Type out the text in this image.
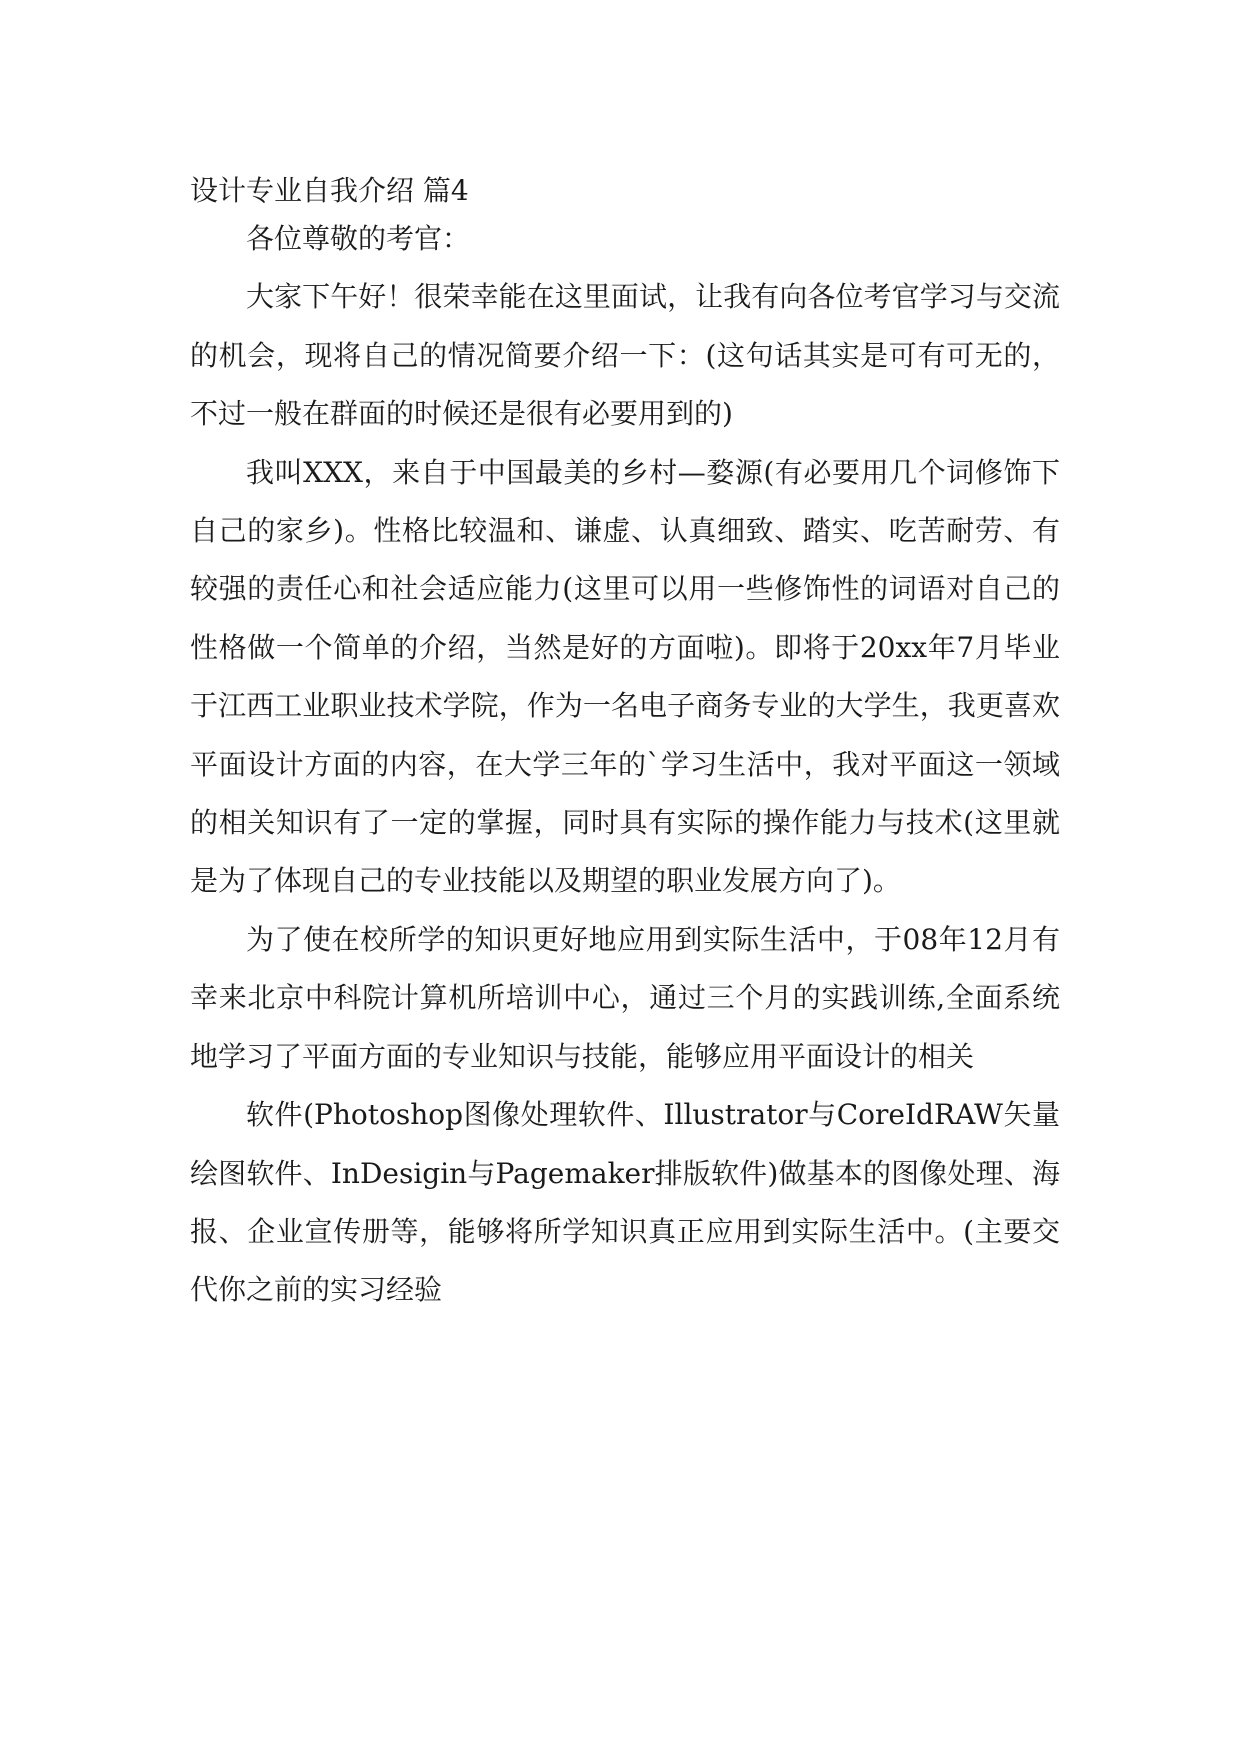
设计专业自我介绍 篇4

各位尊敬的考官：

大家下午好！很荣幸能在这里面试，让我有向各位考官学习与交流的机会，现将自己的情况简要介绍一下：(这句话其实是可有可无的，不过一般在群面的时候还是很有必要用到的)

我叫XXX，来自于中国最美的乡村—婺源(有必要用几个词修饰下自己的家乡)。性格比较温和、谦虚、认真细致、踏实、吃苦耐劳、有较强的责任心和社会适应能力(这里可以用一些修饰性的词语对自己的性格做一个简单的介绍，当然是好的方面啦)。即将于20xx年7月毕业于江西工业职业技术学院，作为一名电子商务专业的大学生，我更喜欢平面设计方面的内容，在大学三年的`学习生活中，我对平面这一领域的相关知识有了一定的掌握，同时具有实际的操作能力与技术(这里就是为了体现自己的专业技能以及期望的职业发展方向了)。

为了使在校所学的知识更好地应用到实际生活中，于08年12月有幸来北京中科院计算机所培训中心，通过三个月的实践训练,全面系统地学习了平面方面的专业知识与技能，能够应用平面设计的相关

软件(Photoshop图像处理软件、Illustrator与CoreIdRAW矢量绘图软件、InDesigin与Pagemaker排版软件)做基本的图像处理、海报、企业宣传册等，能够将所学知识真正应用到实际生活中。(主要交代你之前的实习经验
